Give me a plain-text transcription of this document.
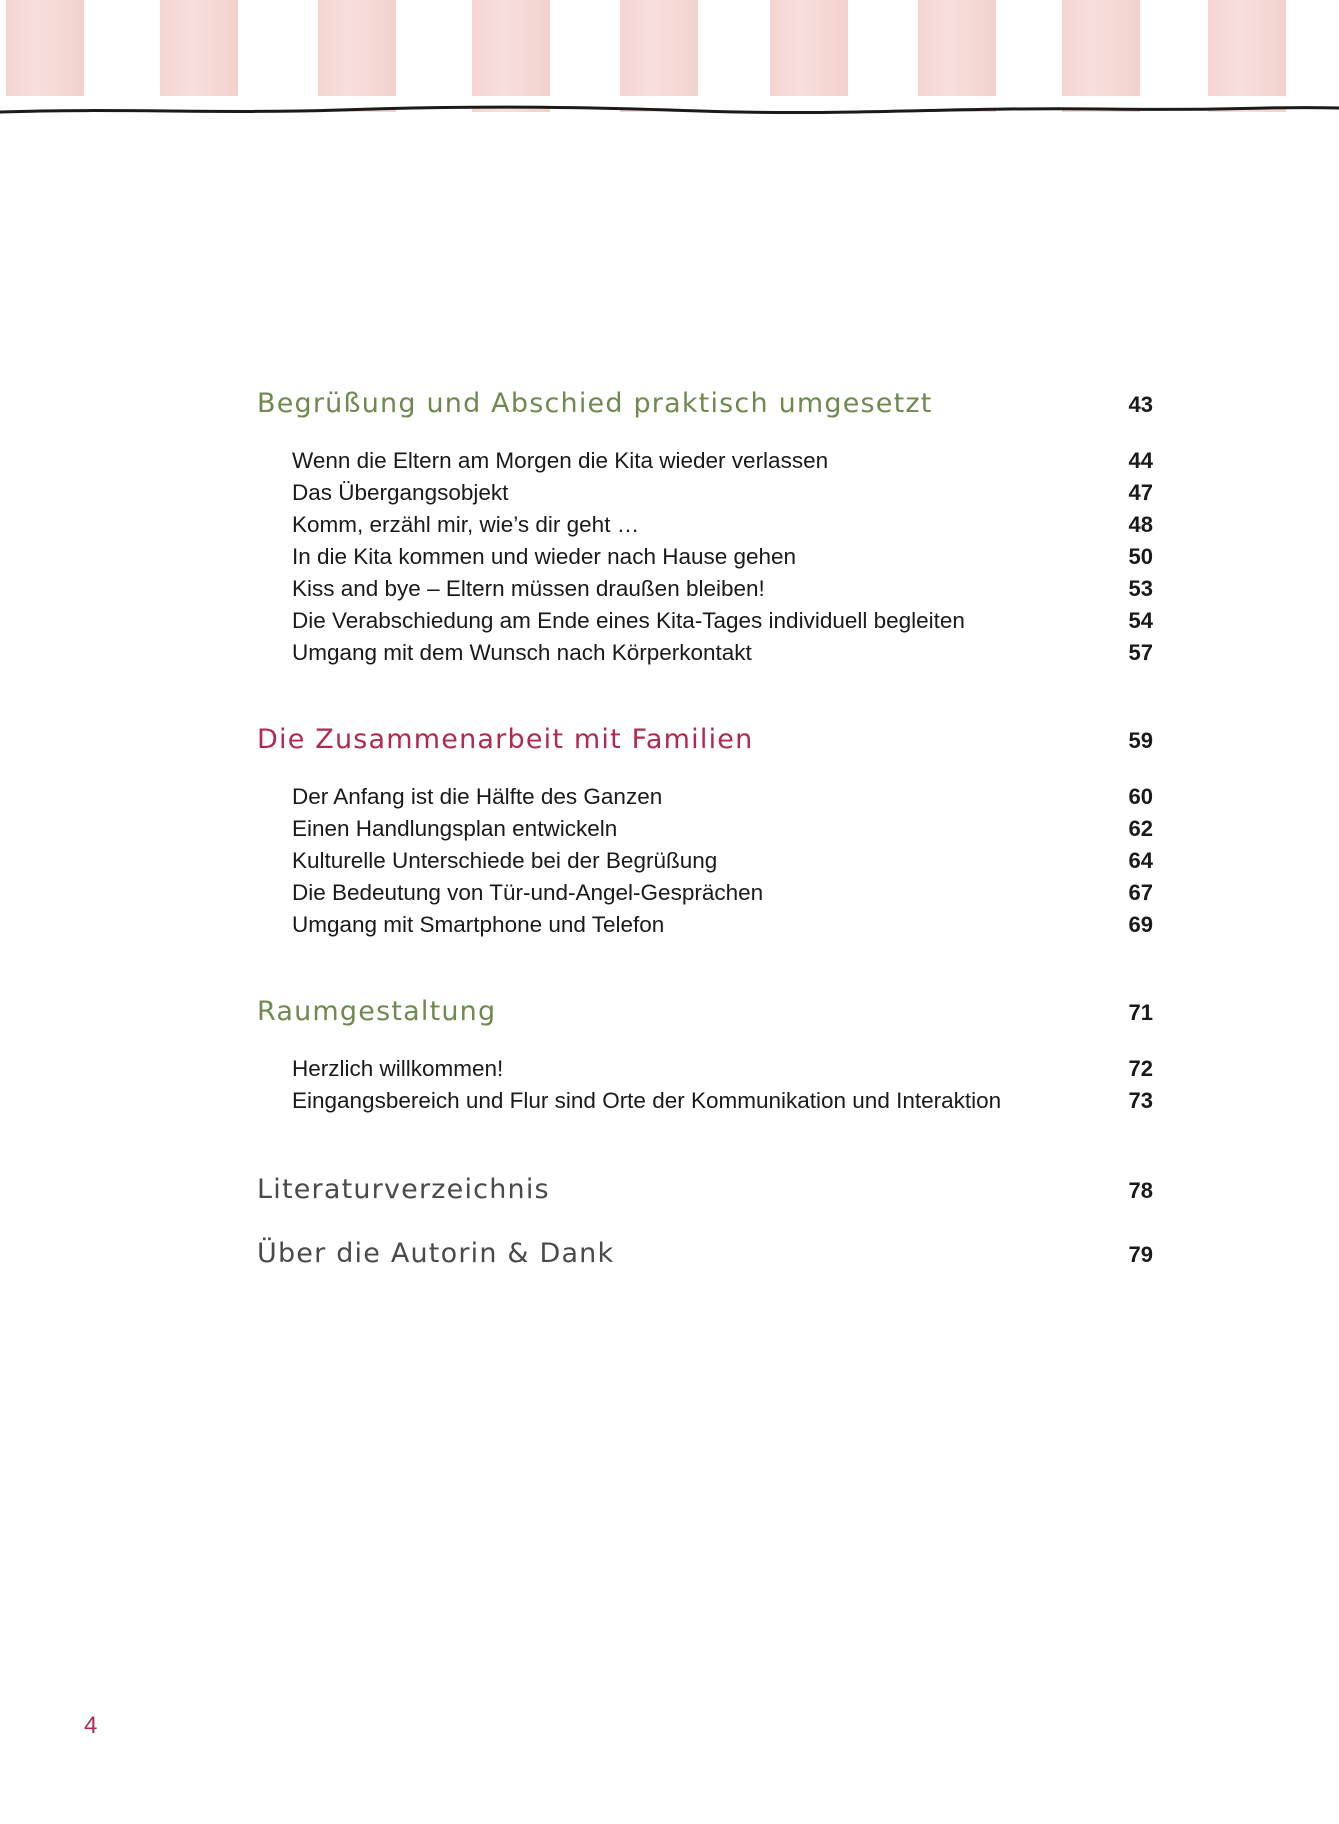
Begrüßung und Abschied praktisch umgesetzt	43
Wenn die Eltern am Morgen die Kita wieder verlassen	44
Das Übergangsobjekt	47
Komm, erzähl mir, wie’s dir geht …	48
In die Kita kommen und wieder nach Hause gehen	50
Kiss and bye – Eltern müssen draußen bleiben!	53
Die Verabschiedung am Ende eines Kita-Tages individuell begleiten	54
Umgang mit dem Wunsch nach Körperkontakt	57
Die Zusammenarbeit mit Familien	59
Der Anfang ist die Hälfte des Ganzen	60
Einen Handlungsplan entwickeln	62
Kulturelle Unterschiede bei der Begrüßung	64
Die Bedeutung von Tür-und-Angel-Gesprächen	67
Umgang mit Smartphone und Telefon	69
Raumgestaltung	71
Herzlich willkommen!	72
Eingangsbereich und Flur sind Orte der Kommunikation und Interaktion	73
Literaturverzeichnis	78
Über die Autorin & Dank	79
4
